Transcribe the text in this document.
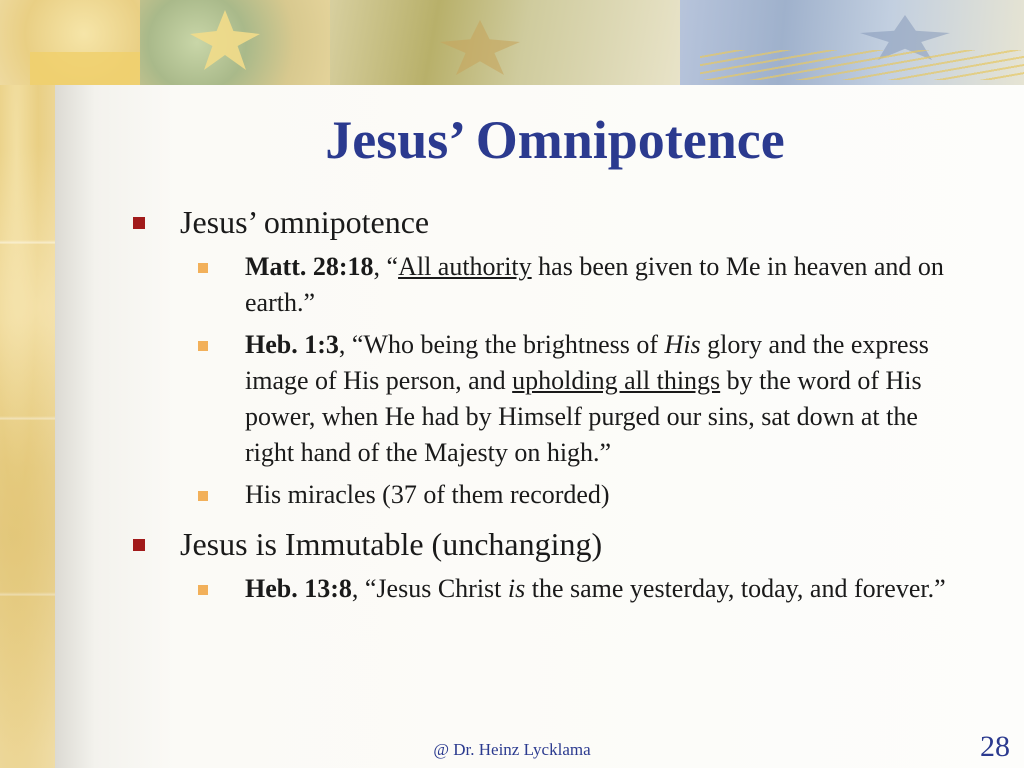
Jesus’ Omnipotence
Jesus’ omnipotence

Matt. 28:18, “All authority has been given to Me in heaven and on earth.”

Heb. 1:3, “Who being the brightness of His glory and the express image of His person, and upholding all things by the word of His power, when He had by Himself purged our sins, sat down at the right hand of the Majesty on high.”

His miracles (37 of them recorded)

Jesus is Immutable (unchanging)

Heb. 13:8, “Jesus Christ is the same yesterday, today, and forever.”

@ Dr. Heinz Lycklama	28
